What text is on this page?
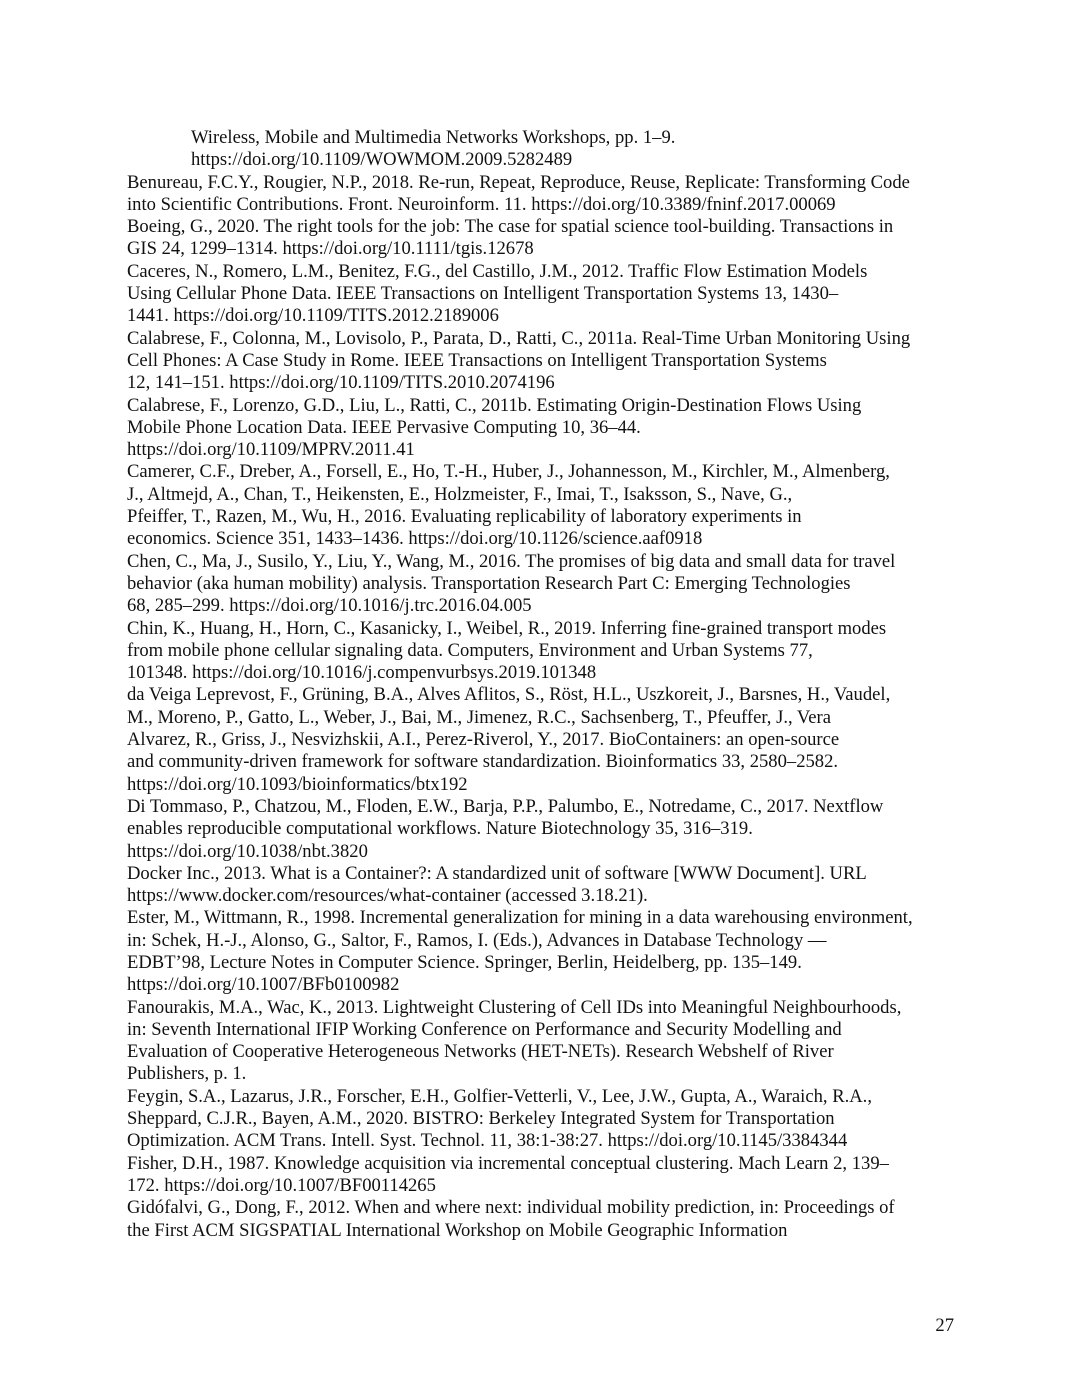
Wireless, Mobile and Multimedia Networks Workshops, pp. 1–9.
https://doi.org/10.1109/WOWMOM.2009.5282489

Benureau, F.C.Y., Rougier, N.P., 2018. Re-run, Repeat, Reproduce, Reuse, Replicate: Transforming Code
into Scientific Contributions. Front. Neuroinform. 11. https://doi.org/10.3389/fninf.2017.00069

Boeing, G., 2020. The right tools for the job: The case for spatial science tool-building. Transactions in
GIS 24, 1299–1314. https://doi.org/10.1111/tgis.12678

Caceres, N., Romero, L.M., Benitez, F.G., del Castillo, J.M., 2012. Traffic Flow Estimation Models
Using Cellular Phone Data. IEEE Transactions on Intelligent Transportation Systems 13, 1430–
1441. https://doi.org/10.1109/TITS.2012.2189006

Calabrese, F., Colonna, M., Lovisolo, P., Parata, D., Ratti, C., 2011a. Real-Time Urban Monitoring Using
Cell Phones: A Case Study in Rome. IEEE Transactions on Intelligent Transportation Systems
12, 141–151. https://doi.org/10.1109/TITS.2010.2074196

Calabrese, F., Lorenzo, G.D., Liu, L., Ratti, C., 2011b. Estimating Origin-Destination Flows Using
Mobile Phone Location Data. IEEE Pervasive Computing 10, 36–44.
https://doi.org/10.1109/MPRV.2011.41

Camerer, C.F., Dreber, A., Forsell, E., Ho, T.-H., Huber, J., Johannesson, M., Kirchler, M., Almenberg,
J., Altmejd, A., Chan, T., Heikensten, E., Holzmeister, F., Imai, T., Isaksson, S., Nave, G.,
Pfeiffer, T., Razen, M., Wu, H., 2016. Evaluating replicability of laboratory experiments in
economics. Science 351, 1433–1436. https://doi.org/10.1126/science.aaf0918

Chen, C., Ma, J., Susilo, Y., Liu, Y., Wang, M., 2016. The promises of big data and small data for travel
behavior (aka human mobility) analysis. Transportation Research Part C: Emerging Technologies
68, 285–299. https://doi.org/10.1016/j.trc.2016.04.005

Chin, K., Huang, H., Horn, C., Kasanicky, I., Weibel, R., 2019. Inferring fine-grained transport modes
from mobile phone cellular signaling data. Computers, Environment and Urban Systems 77,
101348. https://doi.org/10.1016/j.compenvurbsys.2019.101348

da Veiga Leprevost, F., Grüning, B.A., Alves Aflitos, S., Röst, H.L., Uszkoreit, J., Barsnes, H., Vaudel,
M., Moreno, P., Gatto, L., Weber, J., Bai, M., Jimenez, R.C., Sachsenberg, T., Pfeuffer, J., Vera
Alvarez, R., Griss, J., Nesvizhskii, A.I., Perez-Riverol, Y., 2017. BioContainers: an open-source
and community-driven framework for software standardization. Bioinformatics 33, 2580–2582.
https://doi.org/10.1093/bioinformatics/btx192

Di Tommaso, P., Chatzou, M., Floden, E.W., Barja, P.P., Palumbo, E., Notredame, C., 2017. Nextflow
enables reproducible computational workflows. Nature Biotechnology 35, 316–319.
https://doi.org/10.1038/nbt.3820

Docker Inc., 2013. What is a Container?: A standardized unit of software [WWW Document]. URL
https://www.docker.com/resources/what-container (accessed 3.18.21).

Ester, M., Wittmann, R., 1998. Incremental generalization for mining in a data warehousing environment,
in: Schek, H.-J., Alonso, G., Saltor, F., Ramos, I. (Eds.), Advances in Database Technology —
EDBT’98, Lecture Notes in Computer Science. Springer, Berlin, Heidelberg, pp. 135–149.
https://doi.org/10.1007/BFb0100982

Fanourakis, M.A., Wac, K., 2013. Lightweight Clustering of Cell IDs into Meaningful Neighbourhoods,
in: Seventh International IFIP Working Conference on Performance and Security Modelling and
Evaluation of Cooperative Heterogeneous Networks (HET-NETs). Research Webshelf of River
Publishers, p. 1.

Feygin, S.A., Lazarus, J.R., Forscher, E.H., Golfier-Vetterli, V., Lee, J.W., Gupta, A., Waraich, R.A.,
Sheppard, C.J.R., Bayen, A.M., 2020. BISTRO: Berkeley Integrated System for Transportation
Optimization. ACM Trans. Intell. Syst. Technol. 11, 38:1-38:27. https://doi.org/10.1145/3384344

Fisher, D.H., 1987. Knowledge acquisition via incremental conceptual clustering. Mach Learn 2, 139–
172. https://doi.org/10.1007/BF00114265

Gidófalvi, G., Dong, F., 2012. When and where next: individual mobility prediction, in: Proceedings of
the First ACM SIGSPATIAL International Workshop on Mobile Geographic Information

27
